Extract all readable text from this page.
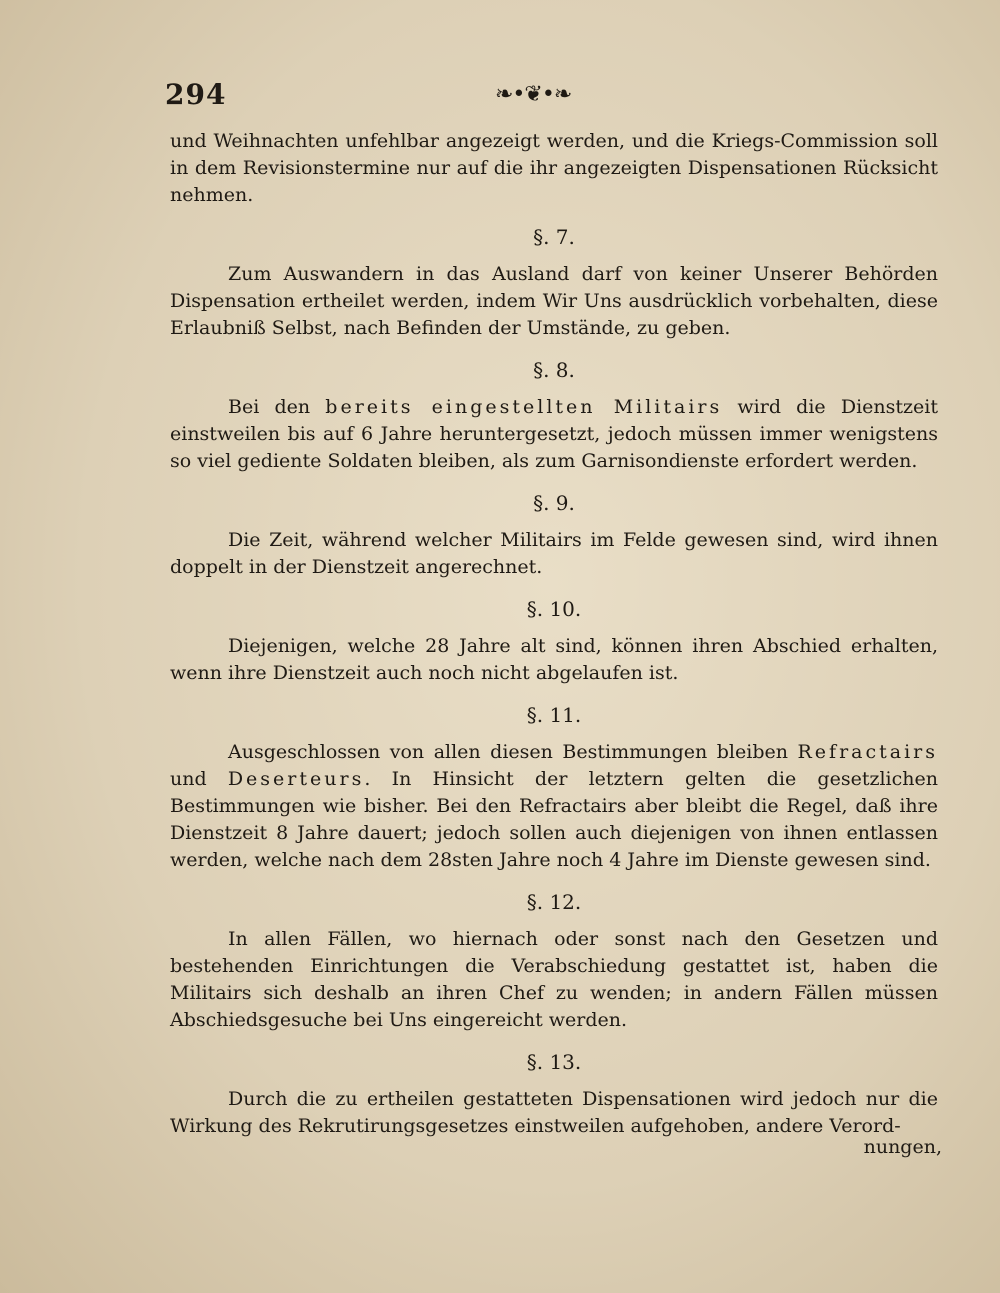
294	❧•❦•❧

und Weihnachten unfehlbar angezeigt werden, und die Kriegs-Commission soll in dem Revisionstermine nur auf die ihr angezeigten Dispensationen Rücksicht nehmen.

§. 7.

Zum Auswandern in das Ausland darf von keiner Unserer Behörden Dispensation ertheilet werden, indem Wir Uns ausdrücklich vorbehalten, diese Erlaubniß Selbst, nach Befinden der Umstände, zu geben.

§. 8.

Bei den bereits eingestellten Militairs wird die Dienstzeit einstweilen bis auf 6 Jahre heruntergesetzt, jedoch müssen immer wenigstens so viel gediente Soldaten bleiben, als zum Garnisondienste erfordert werden.

§. 9.

Die Zeit, während welcher Militairs im Felde gewesen sind, wird ihnen doppelt in der Dienstzeit angerechnet.

§. 10.

Diejenigen, welche 28 Jahre alt sind, können ihren Abschied erhalten, wenn ihre Dienstzeit auch noch nicht abgelaufen ist.

§. 11.

Ausgeschlossen von allen diesen Bestimmungen bleiben Refractairs und Deserteurs. In Hinsicht der letztern gelten die gesetzlichen Bestimmungen wie bisher. Bei den Refractairs aber bleibt die Regel, daß ihre Dienstzeit 8 Jahre dauert; jedoch sollen auch diejenigen von ihnen entlassen werden, welche nach dem 28sten Jahre noch 4 Jahre im Dienste gewesen sind.

§. 12.

In allen Fällen, wo hiernach oder sonst nach den Gesetzen und bestehenden Einrichtungen die Verabschiedung gestattet ist, haben die Militairs sich deshalb an ihren Chef zu wenden; in andern Fällen müssen Abschiedsgesuche bei Uns eingereicht werden.

§. 13.

Durch die zu ertheilen gestatteten Dispensationen wird jedoch nur die Wirkung des Rekrutirungsgesetzes einstweilen aufgehoben, andere Verord-

nungen,
